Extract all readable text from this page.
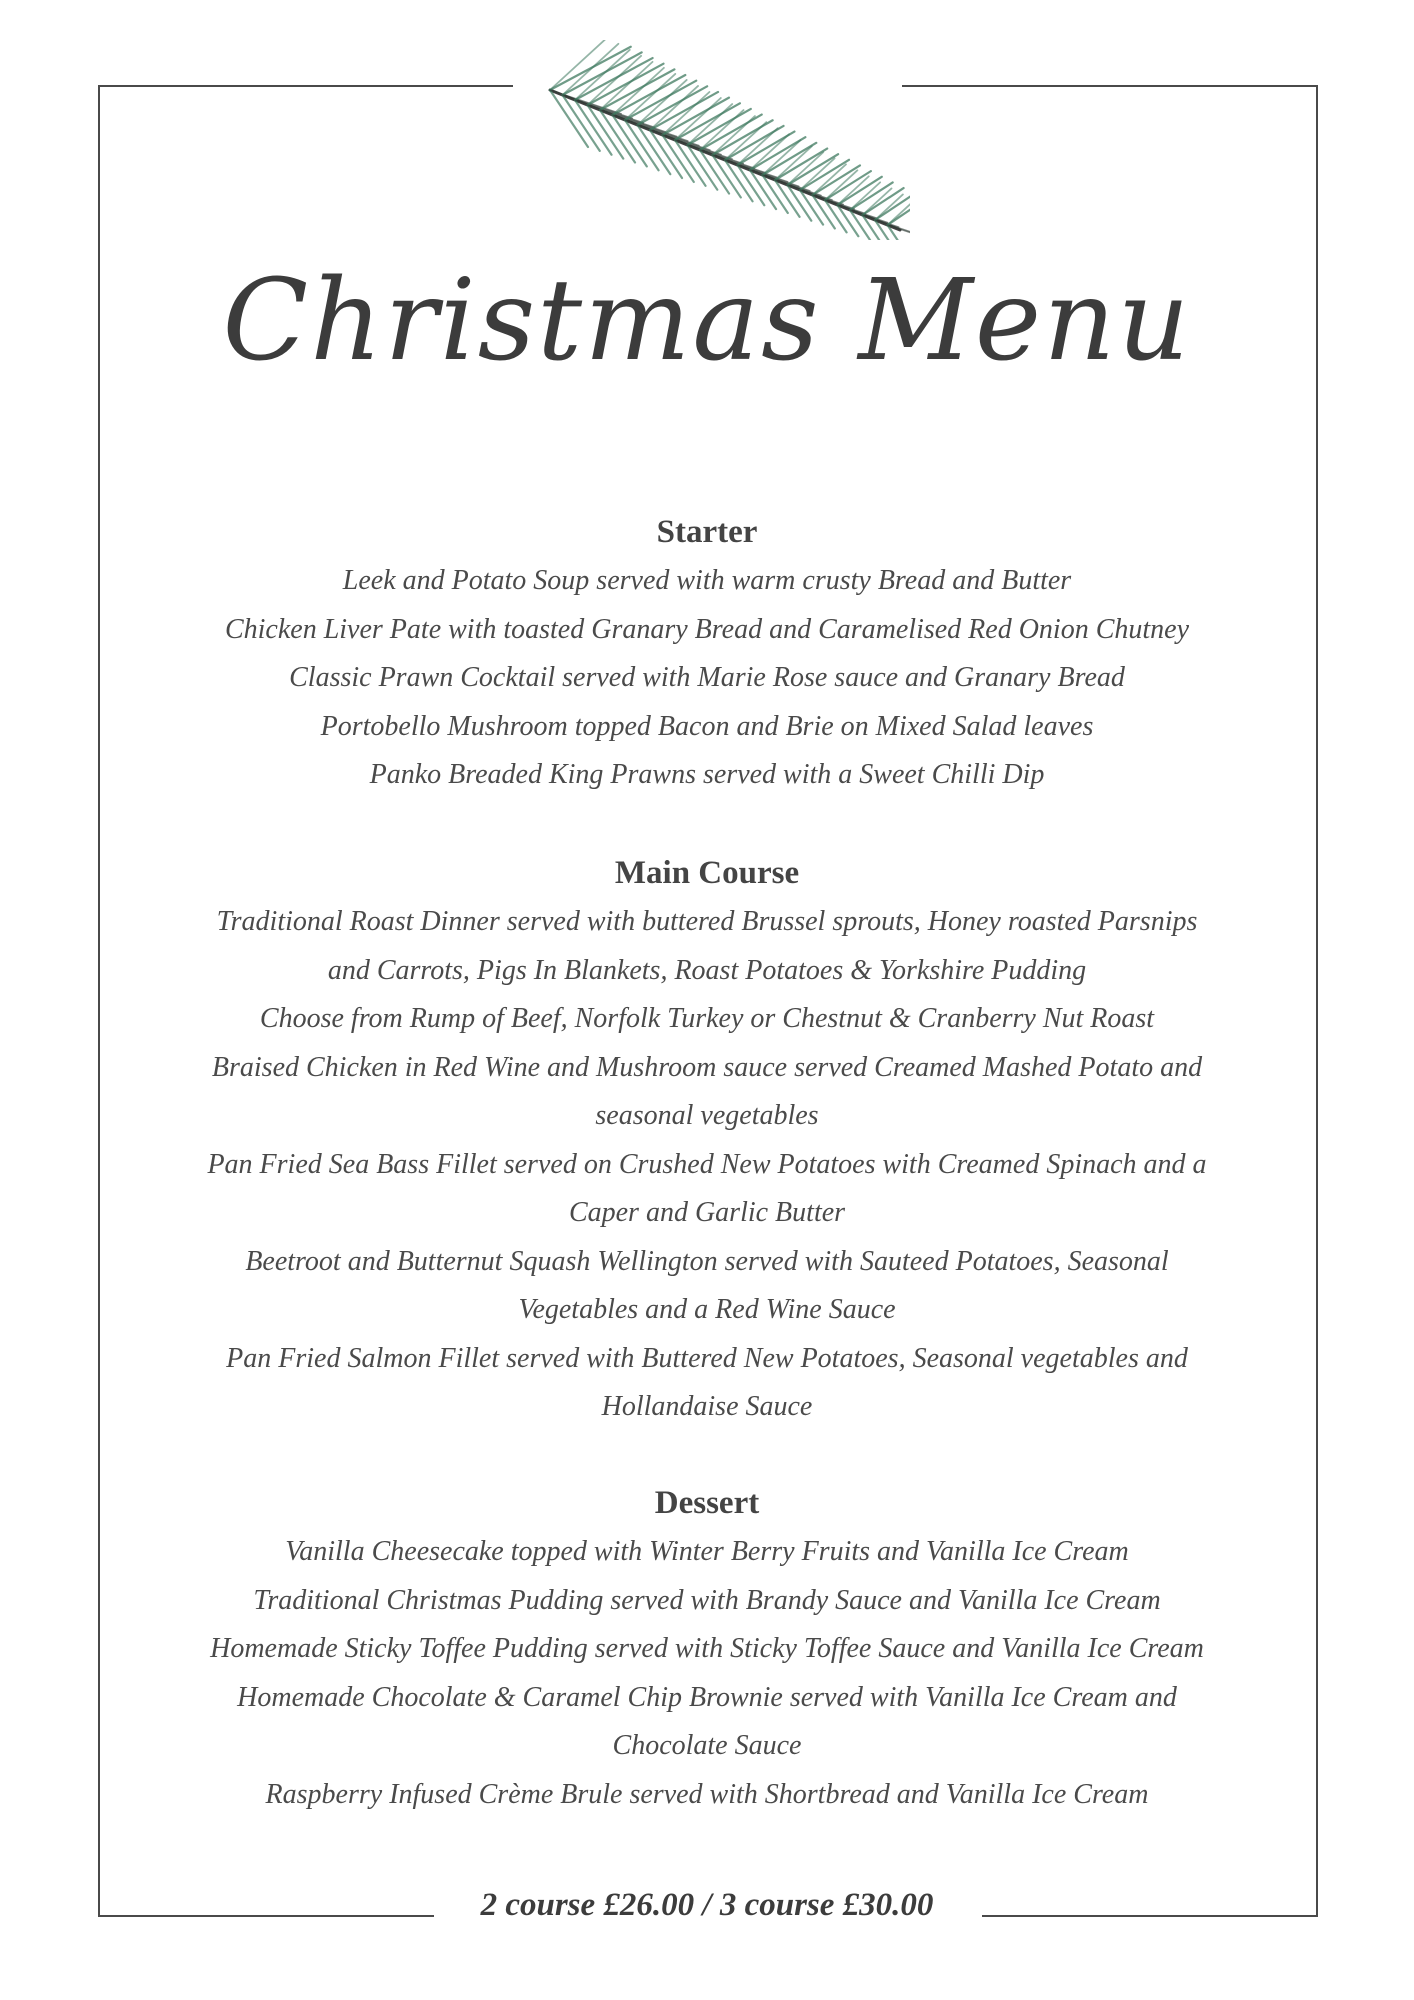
Christmas Menu
Starter

Leek and Potato Soup served with warm crusty Bread and Butter

Chicken Liver Pate with toasted Granary Bread and Caramelised Red Onion Chutney

Classic Prawn Cocktail served with Marie Rose sauce and Granary Bread

Portobello Mushroom topped Bacon and Brie on Mixed Salad leaves

Panko Breaded King Prawns served with a Sweet Chilli Dip

Main Course

Traditional Roast Dinner served with buttered Brussel sprouts, Honey roasted Parsnips

and Carrots, Pigs In Blankets, Roast Potatoes & Yorkshire Pudding

Choose from Rump of Beef, Norfolk Turkey or Chestnut & Cranberry Nut Roast

Braised Chicken in Red Wine and Mushroom sauce served Creamed Mashed Potato and

seasonal vegetables

Pan Fried Sea Bass Fillet served on Crushed New Potatoes with Creamed Spinach and a

Caper and Garlic Butter

Beetroot and Butternut Squash Wellington served with Sauteed Potatoes, Seasonal

Vegetables and a Red Wine Sauce

Pan Fried Salmon Fillet served with Buttered New Potatoes, Seasonal vegetables and

Hollandaise Sauce

Dessert

Vanilla Cheesecake topped with Winter Berry Fruits and Vanilla Ice Cream

Traditional Christmas Pudding served with Brandy Sauce and Vanilla Ice Cream

Homemade Sticky Toffee Pudding served with Sticky Toffee Sauce and Vanilla Ice Cream

Homemade Chocolate & Caramel Chip Brownie served with Vanilla Ice Cream and

Chocolate Sauce

Raspberry Infused Crème Brule served with Shortbread and Vanilla Ice Cream

2 course £26.00 / 3 course £30.00
